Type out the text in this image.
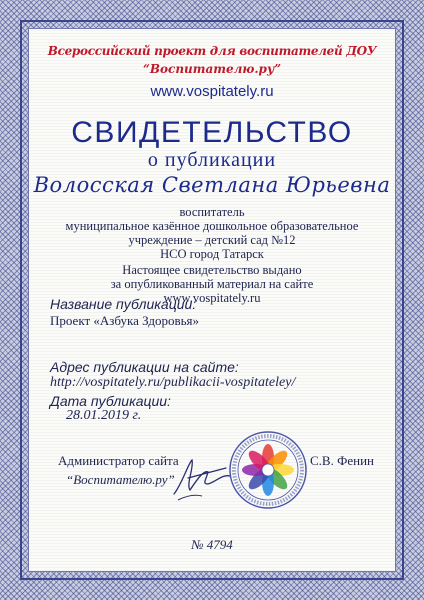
Всероссийский проект для воспитателей ДОУ
“Воспитателю.ру”
www.vospitately.ru
СВИДЕТЕЛЬСТВО
о публикации
Волосская Светлана Юрьевна
воспитатель
муниципальное казённое дошкольное образовательное
учреждение – детский сад №12
НСО город Татарск
Настоящее свидетельство выдано
за опубликованный материал на сайте
www.vospitately.ru
Название публикации:
Проект «Азбука Здоровья»
Адрес публикации на сайте:
http://vospitately.ru/publikacii-vospitateley/
Дата публикации:
28.01.2019 г.
Администратор сайта
“Воспитателю.ру”
С.В. Фенин
№ 4794
